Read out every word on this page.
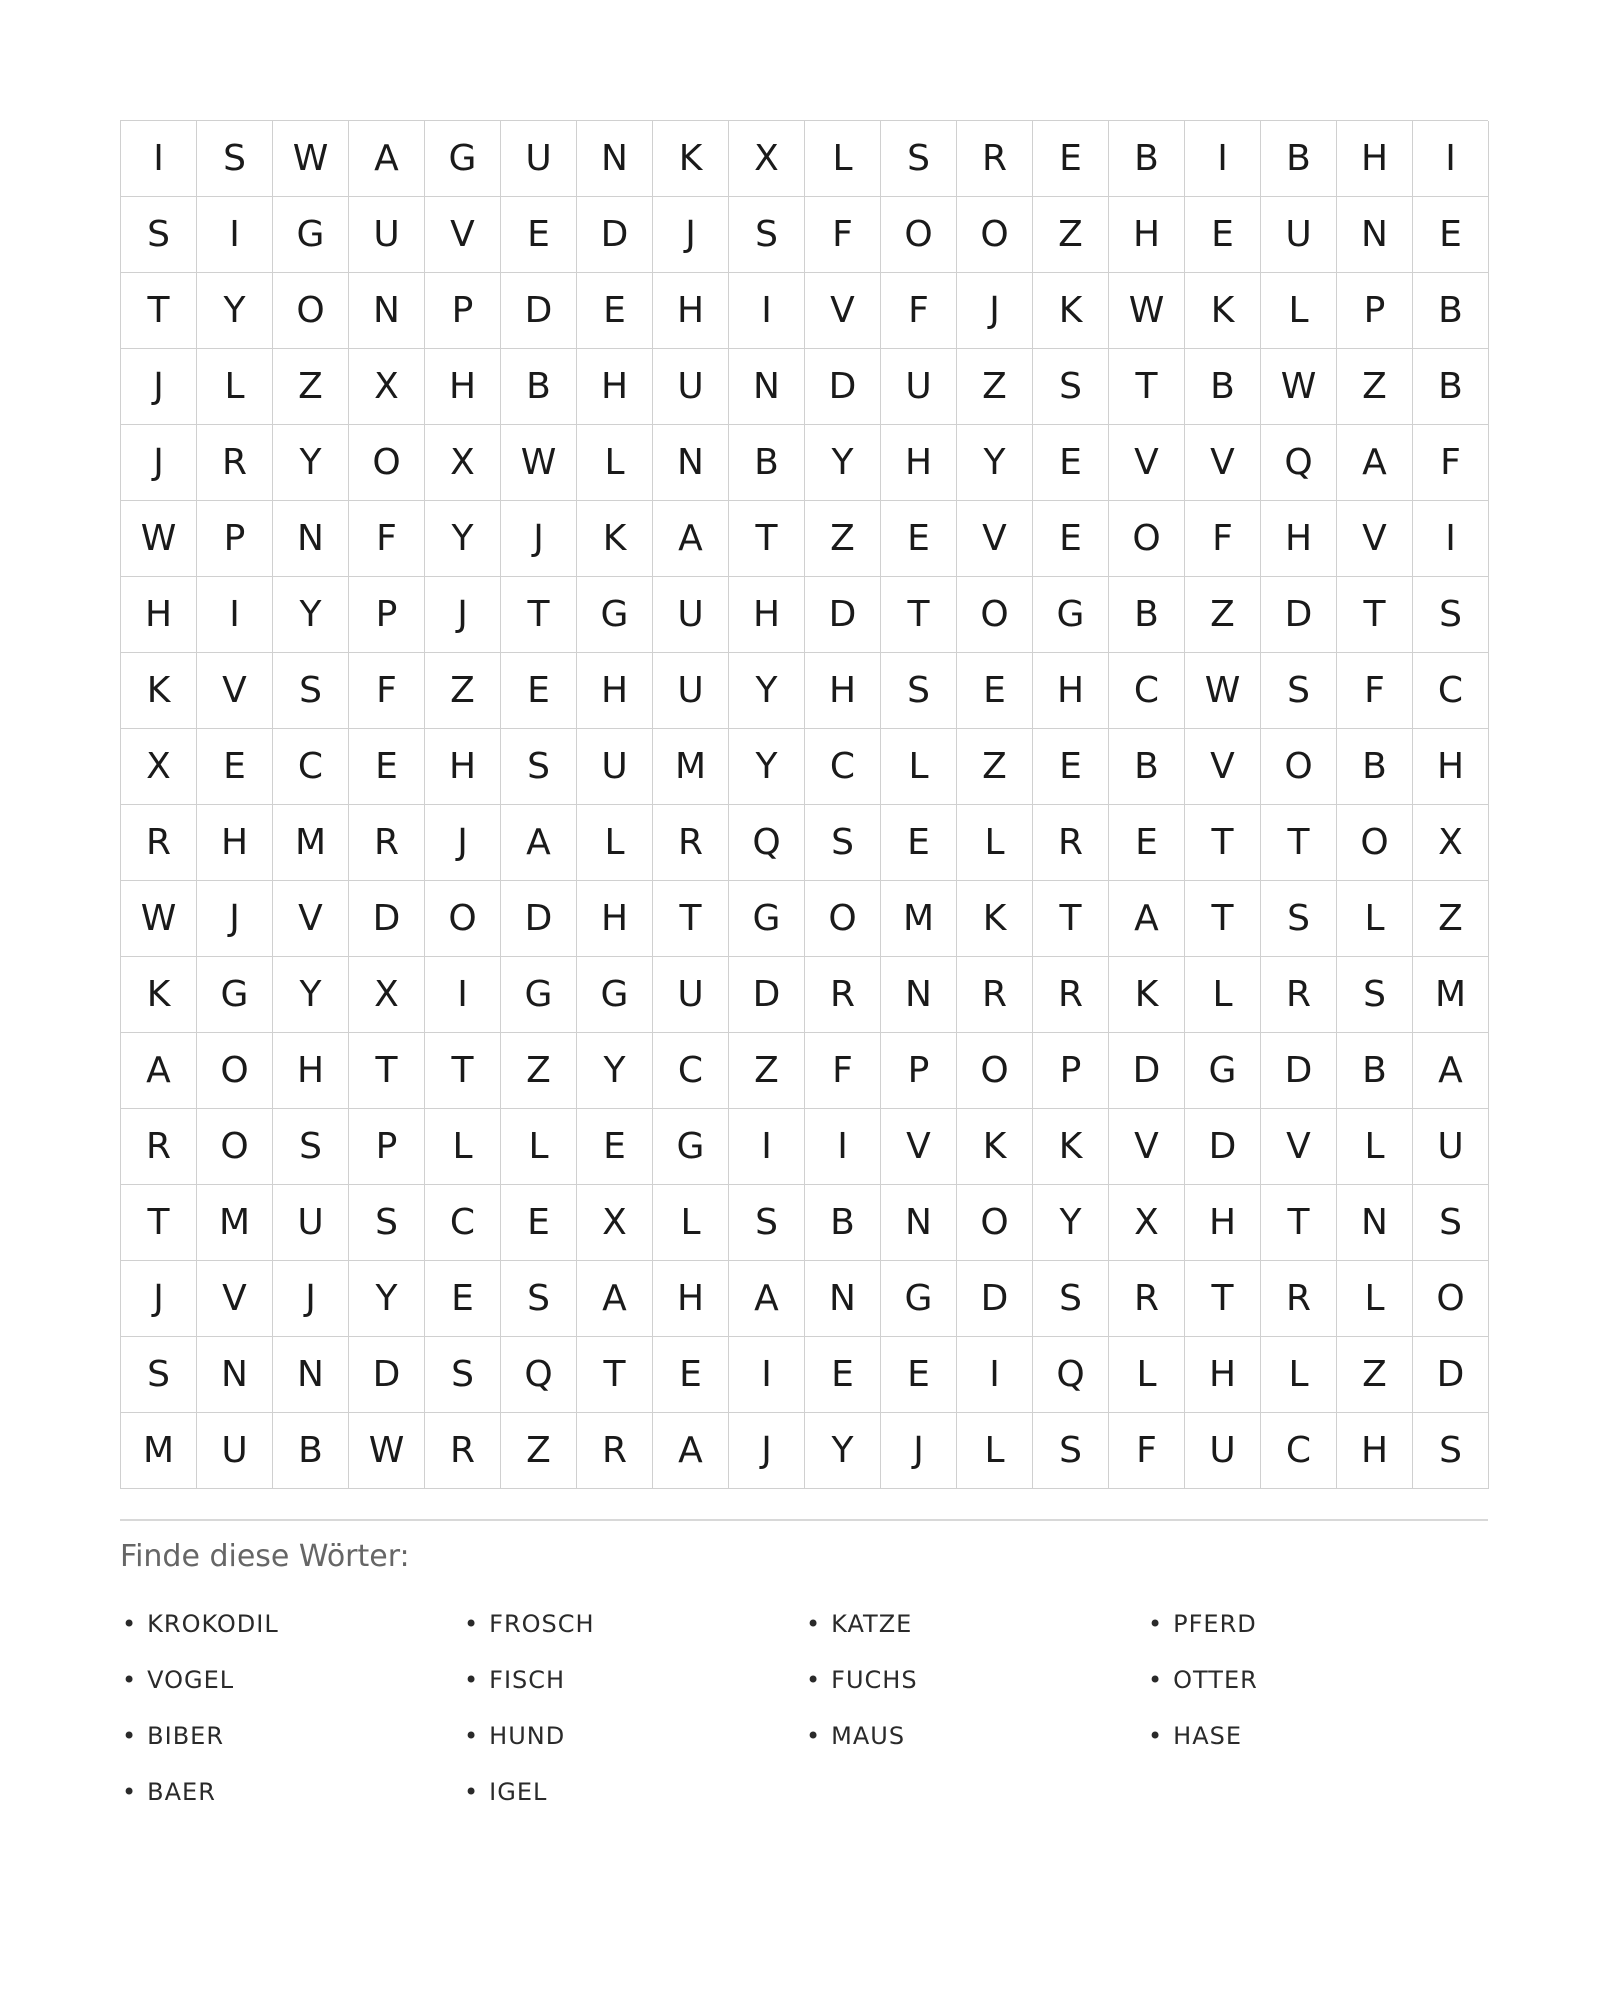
I	S	W	A	G	U	N	K	X	L	S	R	E	B	I	B	H	I
S	I	G	U	V	E	D	J	S	F	O	O	Z	H	E	U	N	E
T	Y	O	N	P	D	E	H	I	V	F	J	K	W	K	L	P	B
J	L	Z	X	H	B	H	U	N	D	U	Z	S	T	B	W	Z	B
J	R	Y	O	X	W	L	N	B	Y	H	Y	E	V	V	Q	A	F
W	P	N	F	Y	J	K	A	T	Z	E	V	E	O	F	H	V	I
H	I	Y	P	J	T	G	U	H	D	T	O	G	B	Z	D	T	S
K	V	S	F	Z	E	H	U	Y	H	S	E	H	C	W	S	F	C
X	E	C	E	H	S	U	M	Y	C	L	Z	E	B	V	O	B	H
R	H	M	R	J	A	L	R	Q	S	E	L	R	E	T	T	O	X
W	J	V	D	O	D	H	T	G	O	M	K	T	A	T	S	L	Z
K	G	Y	X	I	G	G	U	D	R	N	R	R	K	L	R	S	M
A	O	H	T	T	Z	Y	C	Z	F	P	O	P	D	G	D	B	A
R	O	S	P	L	L	E	G	I	I	V	K	K	V	D	V	L	U
T	M	U	S	C	E	X	L	S	B	N	O	Y	X	H	T	N	S
J	V	J	Y	E	S	A	H	A	N	G	D	S	R	T	R	L	O
S	N	N	D	S	Q	T	E	I	E	E	I	Q	L	H	L	Z	D
M	U	B	W	R	Z	R	A	J	Y	J	L	S	F	U	C	H	S
Finde diese Wörter:
• KROKODIL	• FROSCH	• KATZE	• PFERD
• VOGEL	• FISCH	• FUCHS	• OTTER
• BIBER	• HUND	• MAUS	• HASE
• BAER	• IGEL
